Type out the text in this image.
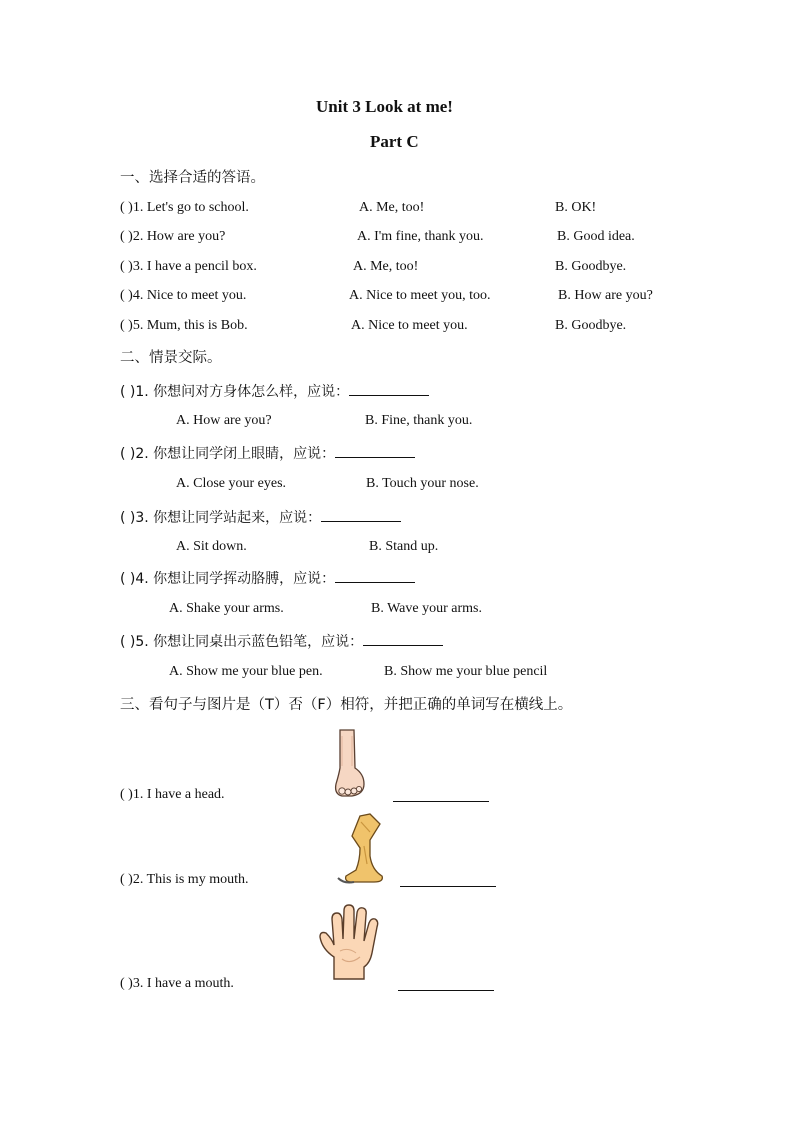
Unit 3 Look at me!
Part C
一、选择合适的答语。
( )1. Let's go to school.	A. Me, too!	B. OK!
( )2. How are you?	A. I'm fine, thank you.	B. Good idea.
( )3. I have a pencil box.	A. Me, too!	B. Goodbye.
( )4. Nice to meet you.	A. Nice to meet you, too.	B. How are you?
( )5. Mum, this is Bob.	A. Nice to meet you.	B. Goodbye.
二、情景交际。
( )1. 你想问对方身体怎么样，应说：
A. How are you?	B. Fine, thank you.
( )2. 你想让同学闭上眼睛，应说：
A. Close your eyes.	B. Touch your nose.
( )3. 你想让同学站起来，应说：
A. Sit down.	B. Stand up.
( )4. 你想让同学挥动胳膊，应说：
A. Shake your arms.	B. Wave your arms.
( )5. 你想让同桌出示蓝色铅笔，应说：
A. Show me your blue pen.	B. Show me your blue pencil
三、看句子与图片是（T）否（F）相符，并把正确的单词写在横线上。
( )1. I have a head.
( )2. This is my mouth.
( )3. I have a mouth.
